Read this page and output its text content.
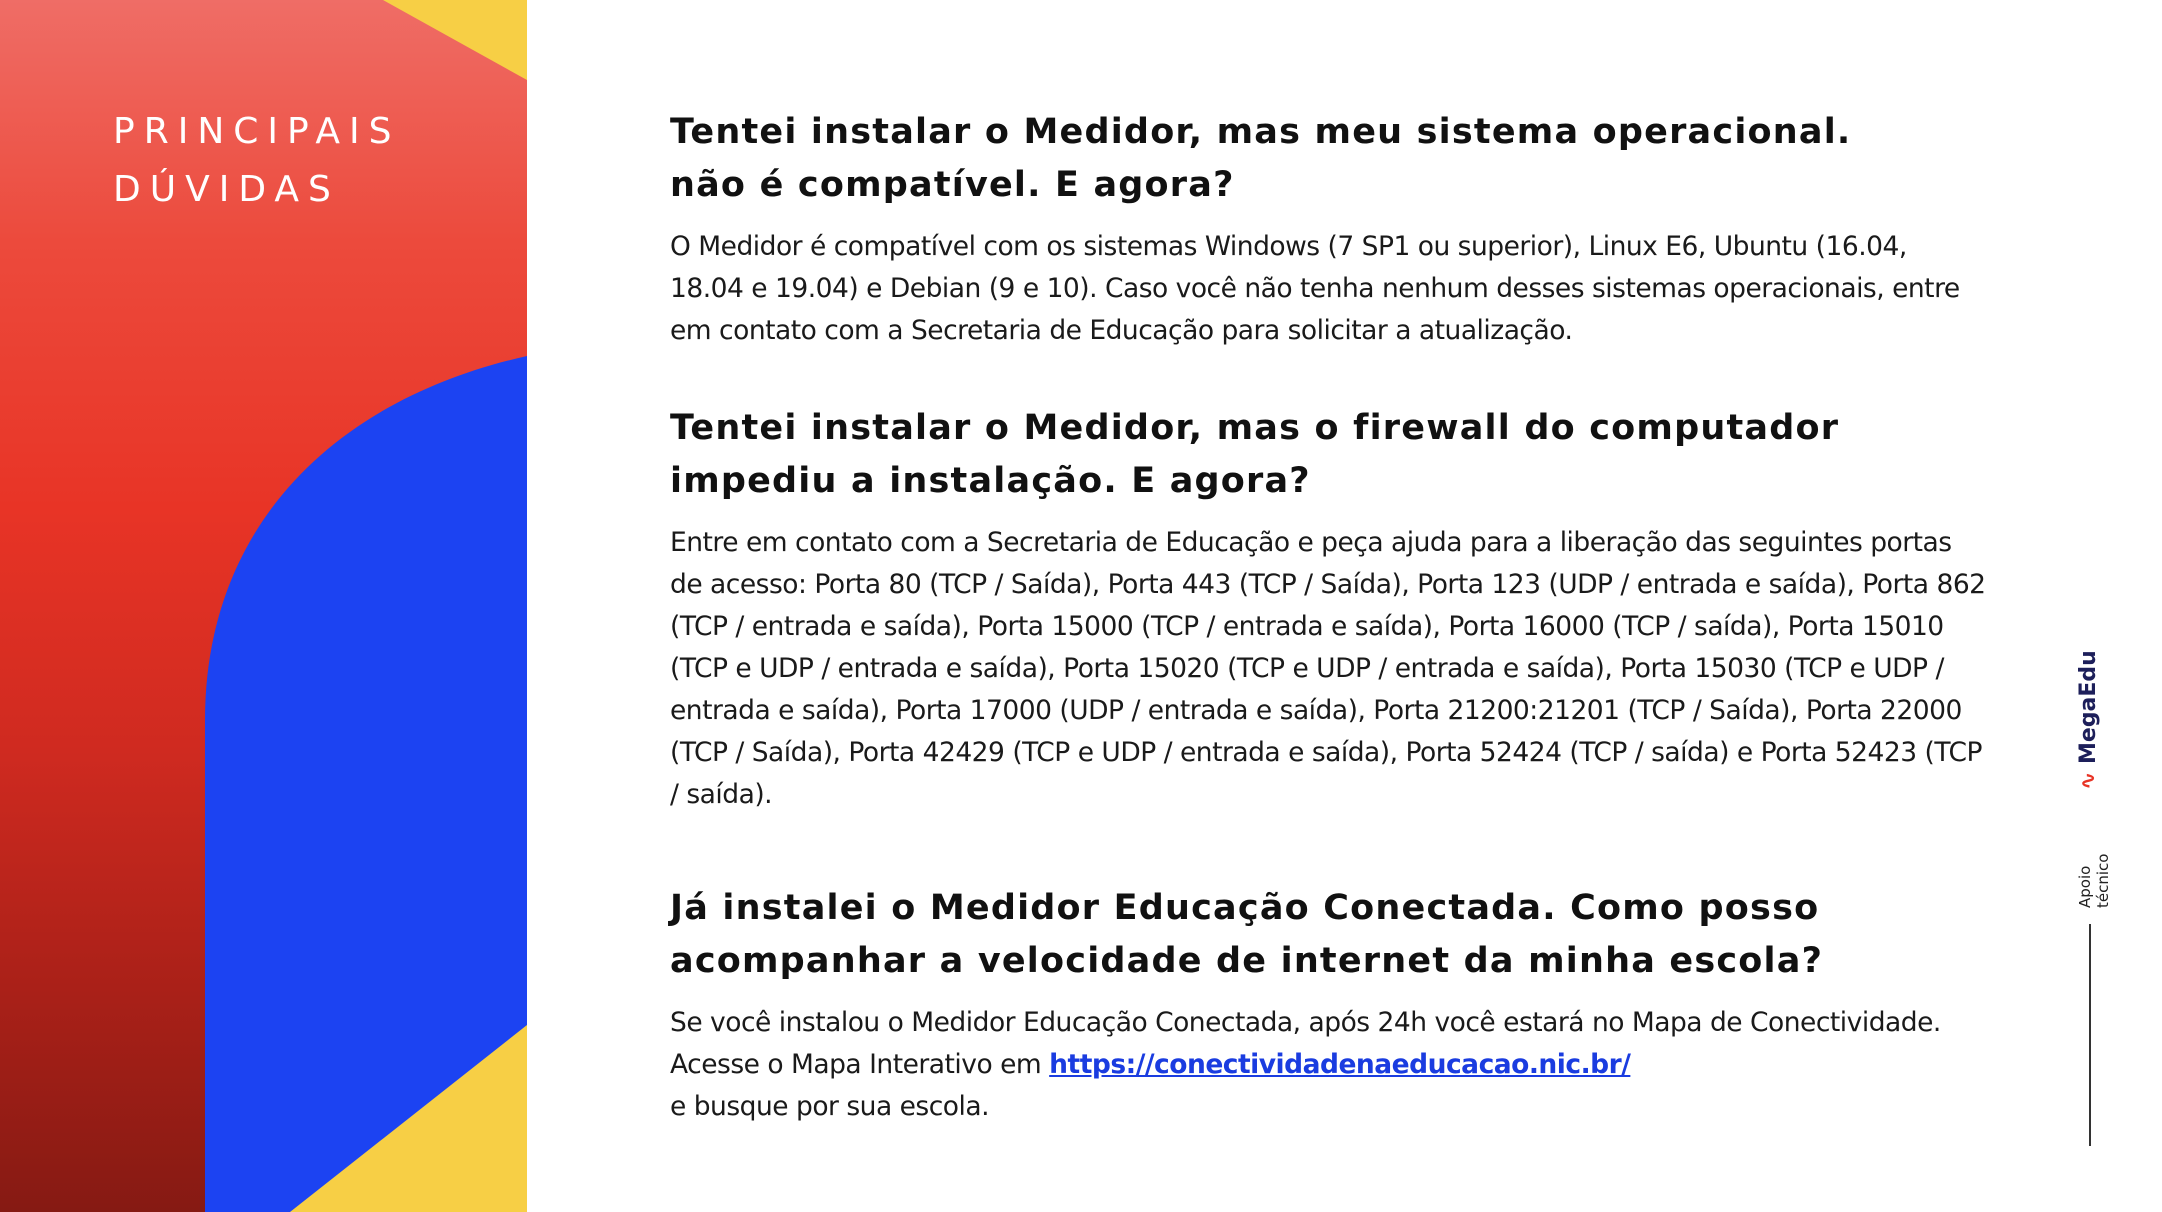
PRINCIPAIS
DÚVIDAS
Tentei instalar o Medidor, mas meu sistema operacional.
não é compatível. E agora?

O Medidor é compatível com os sistemas Windows (7 SP1 ou superior), Linux E6, Ubuntu (16.04, 18.04 e 19.04) e Debian (9 e 10). Caso você não tenha nenhum desses sistemas operacionais, entre em contato com a Secretaria de Educação para solicitar a atualização.

Tentei instalar o Medidor, mas o firewall do computador
impediu a instalação. E agora?

Entre em contato com a Secretaria de Educação e peça ajuda para a liberação das seguintes portas de acesso: Porta 80 (TCP / Saída), Porta 443 (TCP / Saída), Porta 123 (UDP / entrada e saída), Porta 862 (TCP / entrada e saída), Porta 15000 (TCP / entrada e saída), Porta 16000 (TCP / saída), Porta 15010 (TCP e UDP / entrada e saída), Porta 15020 (TCP e UDP / entrada e saída), Porta 15030 (TCP e UDP / entrada e saída), Porta 17000 (UDP / entrada e saída), Porta 21200:21201 (TCP / Saída), Porta 22000 (TCP / Saída), Porta 42429 (TCP e UDP / entrada e saída), Porta 52424 (TCP / saída) e Porta 52423 (TCP / saída).

Já instalei o Medidor Educação Conectada. Como posso
acompanhar a velocidade de internet da minha escola?

Se você instalou o Medidor Educação Conectada, após 24h você estará no Mapa de Conectividade. Acesse o Mapa Interativo em https://conectividadenaeducacao.nic.br/
e busque por sua escola.

∿
MegaEdu
Apoio técnico
